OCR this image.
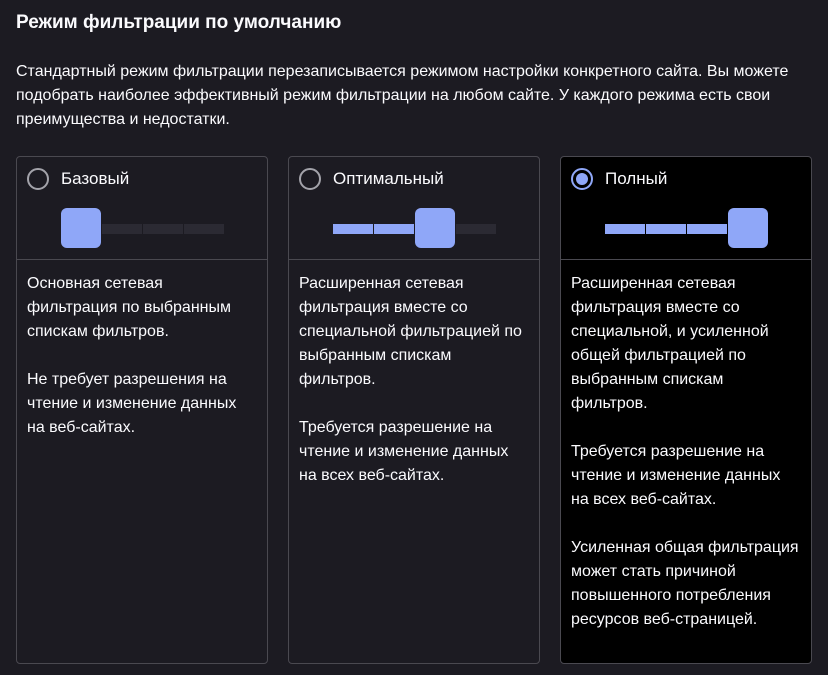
Режим фильтрации по умолчанию
Стандартный режим фильтрации перезаписывается режимом настройки конкретного сайта. Вы можете подобрать наиболее эффективный режим фильтрации на любом сайте. У каждого режима есть свои преимущества и недостатки.
Базовый

Основная сетевая фильтрация по выбранным спискам фильтров.

Не требует разрешения на чтение и изменение данных на веб-сайтах.

Оптимальный

Расширенная сетевая фильтрация вместе со специальной фильтрацией по выбранным спискам фильтров.

Требуется разрешение на чтение и изменение данных на всех веб-сайтах.

Полный

Расширенная сетевая фильтрация вместе со специальной, и усиленной общей фильтрацией по выбранным спискам фильтров.

Требуется разрешение на чтение и изменение данных на всех веб-сайтах.

Усиленная общая фильтрация может стать причиной повышенного потребления ресурсов веб-страницей.
